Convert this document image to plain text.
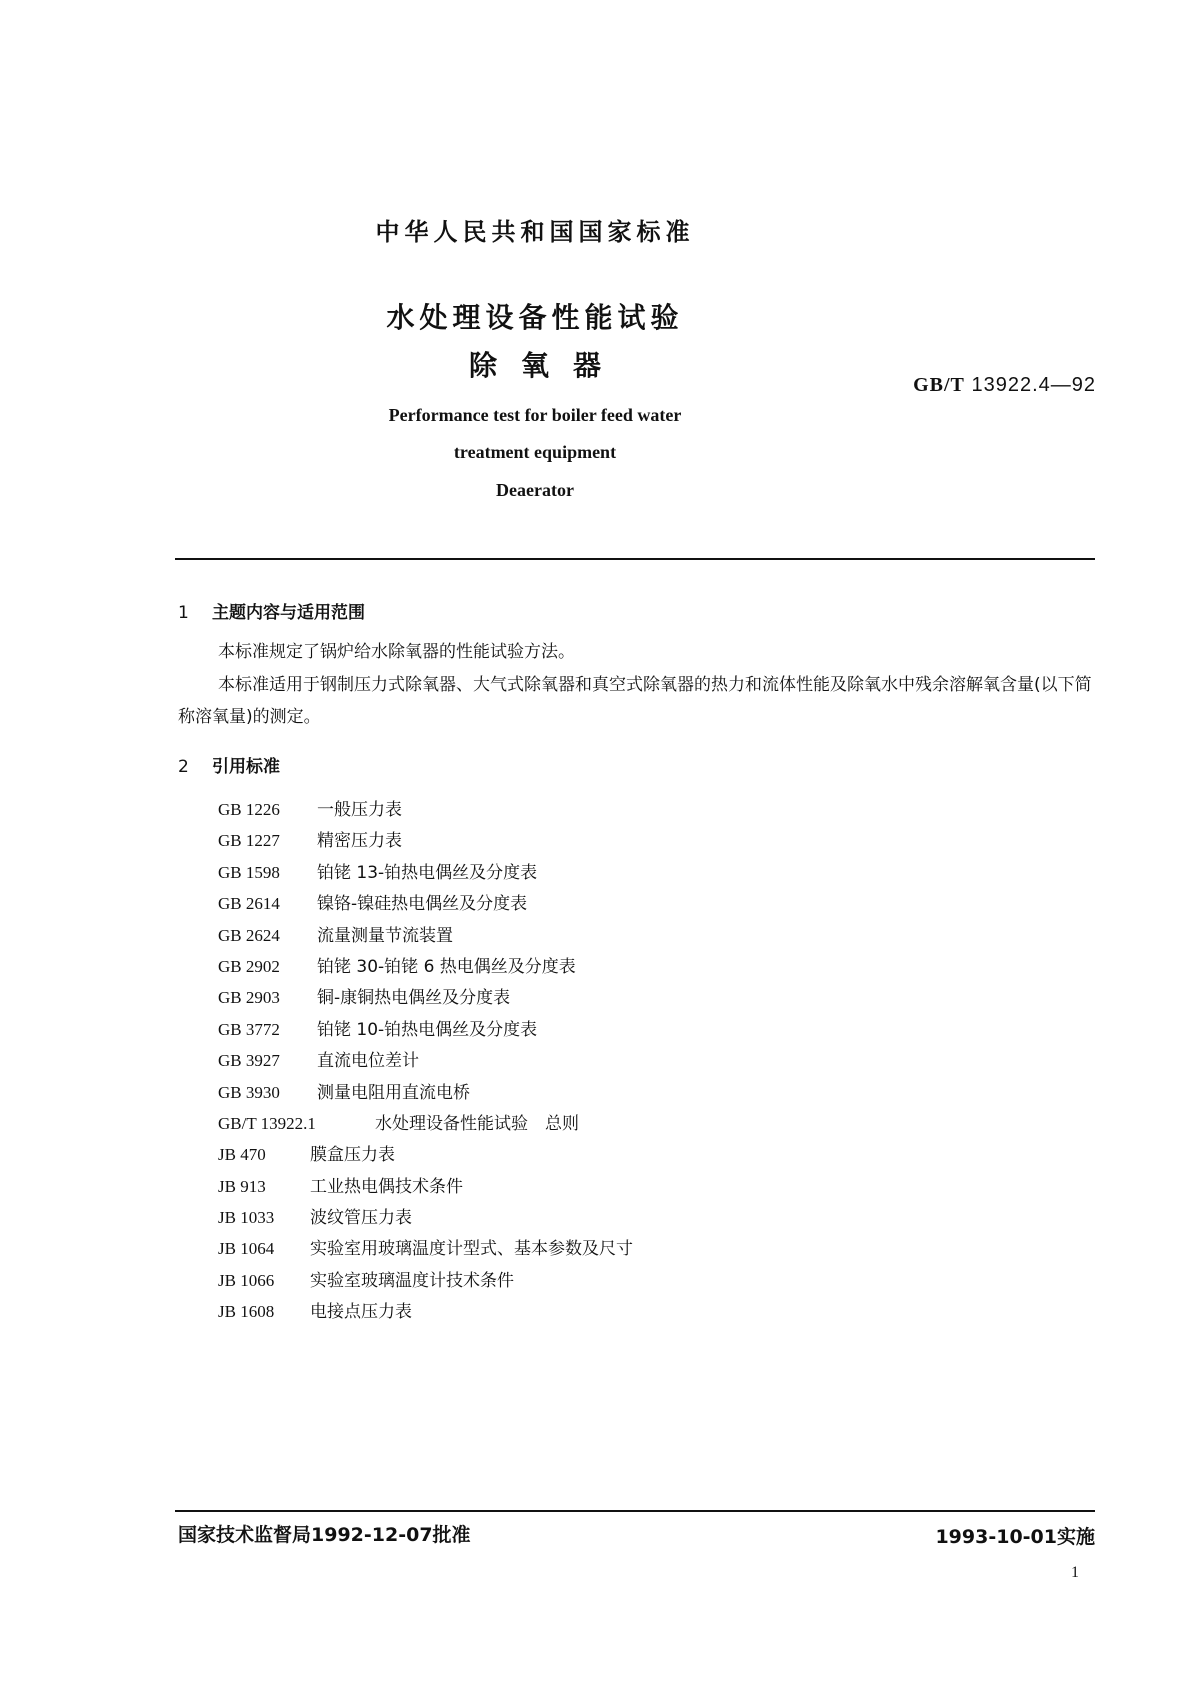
中华人民共和国国家标准
水处理设备性能试验
除氧器
GB/T 13922.4—92
Performance test for boiler feed water
treatment equipment
Deaerator
1 主题内容与适用范围
本标准规定了锅炉给水除氧器的性能试验方法。
本标准适用于钢制压力式除氧器、大气式除氧器和真空式除氧器的热力和流体性能及除氧水中残余溶解氧含量(以下简称溶氧量)的测定。
2 引用标准
GB 1226 一般压力表
GB 1227 精密压力表
GB 1598 铂铑 13-铂热电偶丝及分度表
GB 2614 镍铬-镍硅热电偶丝及分度表
GB 2624 流量测量节流装置
GB 2902 铂铑 30-铂铑 6 热电偶丝及分度表
GB 2903 铜-康铜热电偶丝及分度表
GB 3772 铂铑 10-铂热电偶丝及分度表
GB 3927 直流电位差计
GB 3930 测量电阻用直流电桥
GB/T 13922.1	水处理设备性能试验　总则
JB 470	膜盒压力表
JB 913	工业热电偶技术条件
JB 1033 波纹管压力表
JB 1064 实验室用玻璃温度计型式、基本参数及尺寸
JB 1066 实验室玻璃温度计技术条件
JB 1608 电接点压力表
国家技术监督局1992-12-07批准	1993-10-01实施
1
